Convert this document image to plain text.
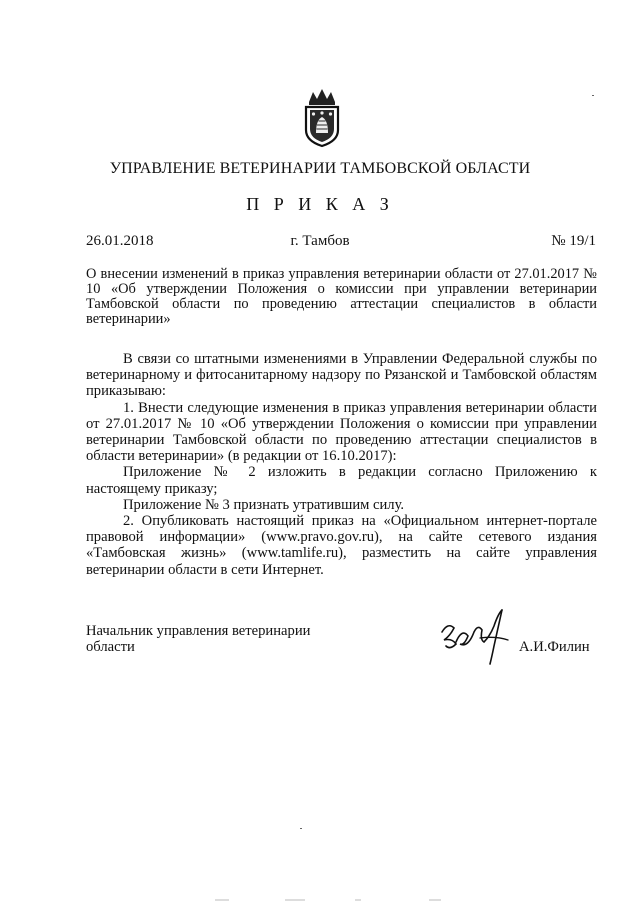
УПРАВЛЕНИЕ ВЕТЕРИНАРИИ ТАМБОВСКОЙ ОБЛАСТИ
П Р И К А З
26.01.2018	г. Тамбов	№ 19/1
О внесении изменений в приказ управления ветеринарии области от 27.01.2017 № 10 «Об утверждении Положения о комиссии при управлении ветеринарии Тамбовской области по проведению аттестации специалистов в области ветеринарии»

В связи со штатными изменениями в Управлении Федеральной службы по ветеринарному и фитосанитарному надзору по Рязанской и Тамбовской областям приказываю:

1. Внести следующие изменения в приказ управления ветеринарии области от 27.01.2017 № 10 «Об утверждении Положения о комиссии при управлении ветеринарии Тамбовской области по проведению аттестации специалистов в области ветеринарии» (в редакции от 16.10.2017):

Приложение № 2 изложить в редакции согласно Приложению к настоящему приказу;

Приложение № 3 признать утратившим силу.

2. Опубликовать настоящий приказ на «Официальном интернет-портале правовой информации» (www.pravo.gov.ru), на сайте сетевого издания «Тамбовская жизнь» (www.tamlife.ru), разместить на сайте управления ветеринарии области в сети Интернет.

Начальник управления ветеринарии области	А.И.Филин
